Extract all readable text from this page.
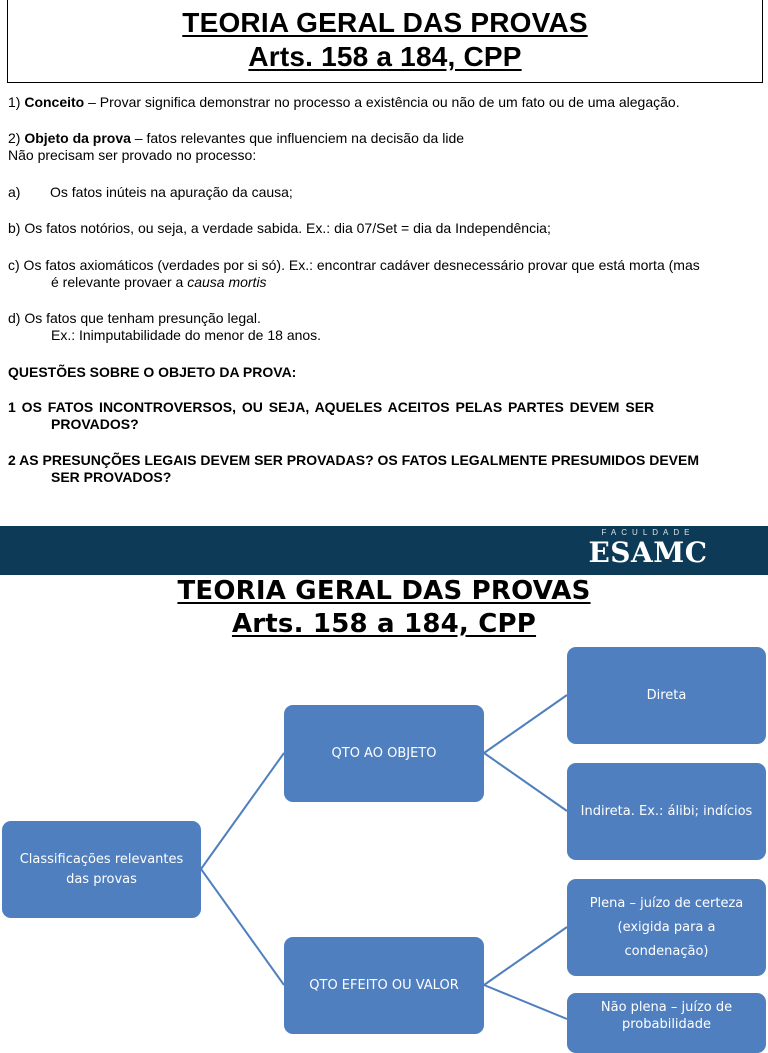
TEORIA GERAL DAS PROVAS
Arts. 158 a 184, CPP
1) Conceito – Provar significa demonstrar no processo a existência ou não de um fato ou de uma alegação.
2) Objeto da prova – fatos relevantes que influenciem na decisão da lide
Não precisam ser provado no processo:
a) Os fatos inúteis na apuração da causa;
b) Os fatos notórios, ou seja, a verdade sabida. Ex.: dia 07/Set = dia da Independência;
c) Os fatos axiomáticos (verdades por si só). Ex.: encontrar cadáver desnecessário provar que está morta (mas
é relevante provaer a causa mortis
d) Os fatos que tenham presunção legal.
Ex.: Inimputabilidade do menor de 18 anos.
QUESTÕES SOBRE O OBJETO DA PROVA:
1 OS FATOS INCONTROVERSOS, OU SEJA, AQUELES ACEITOS PELAS PARTES DEVEM SER
PROVADOS?
2 AS PRESUNÇÕES LEGAIS DEVEM SER PROVADAS? OS FATOS LEGALMENTE PRESUMIDOS DEVEM
SER PROVADOS?
FACULDADE
ESAMC
TEORIA GERAL DAS PROVAS
Arts. 158 a 184, CPP
Classificações relevantes das provas
QTO AO OBJETO
QTO EFEITO OU VALOR
Direta
Indireta. Ex.: álibi; indícios
Plena – juízo de certeza (exigida para a condenação)
Não plena – juízo de probabilidade
